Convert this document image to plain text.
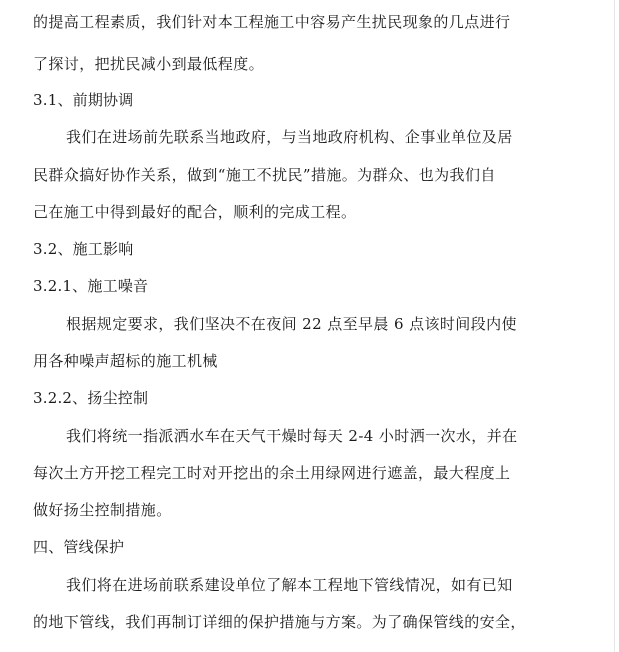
的提高工程素质，我们针对本工程施工中容易产生扰民现象的几点进行
了探讨，把扰民减小到最低程度。
3.1、前期协调
我们在进场前先联系当地政府，与当地政府机构、企事业单位及居
民群众搞好协作关系，做到“施工不扰民”措施。为群众、也为我们自
己在施工中得到最好的配合，顺利的完成工程。
3.2、施工影响
3.2.1、施工噪音
根据规定要求，我们坚决不在夜间 22 点至早晨 6 点该时间段内使
用各种噪声超标的施工机械
3.2.2、扬尘控制
我们将统一指派洒水车在天气干燥时每天 2-4 小时洒一次水，并在
每次土方开挖工程完工时对开挖出的余土用绿网进行遮盖，最大程度上
做好扬尘控制措施。
四、管线保护
我们将在进场前联系建设单位了解本工程地下管线情况，如有已知
的地下管线，我们再制订详细的保护措施与方案。为了确保管线的安全，
